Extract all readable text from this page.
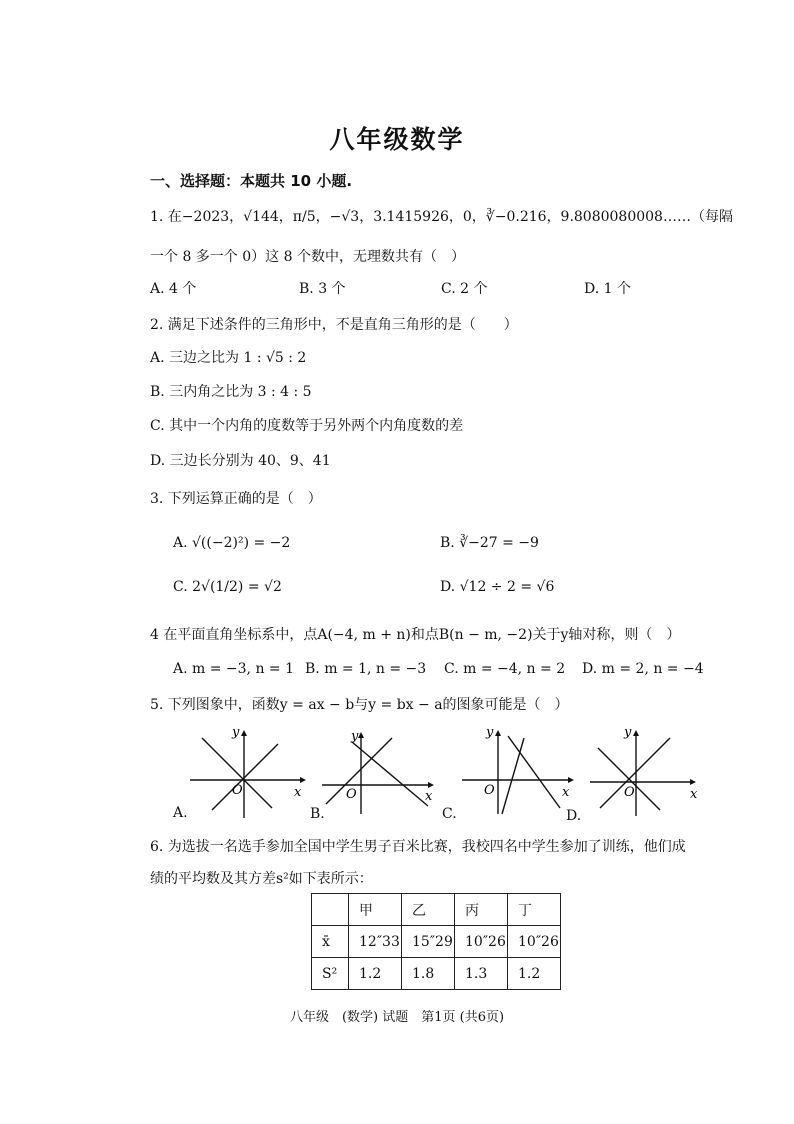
八年级数学
一、选择题：本题共 10 小题.
1. 在−2023，√144，π/5，−√3，3.1415926，0，∛−0.216，9.8080080008……（每隔
一个 8 多一个 0）这 8 个数中，无理数共有（　）
A. 4 个	B. 3 个	C. 2 个	D. 1 个
2. 满足下述条件的三角形中，不是直角三角形的是（　　）
A. 三边之比为 1 : √5 : 2
B. 三内角之比为 3 : 4 : 5
C. 其中一个内角的度数等于另外两个内角度数的差
D. 三边长分别为 40、9、41
3. 下列运算正确的是（　）
A. √((−2)²) = −2	B. ∛−27 = −9
C. 2√(1/2) = √2	D. √12 ÷ 2 = √6
4 在平面直角坐标系中，点A(−4, m + n)和点B(n − m, −2)关于y轴对称，则（　）
A. m = −3, n = 1 B. m = 1, n = −3 C. m = −4, n = 2 D. m = 2, n = −4
5. 下列图象中，函数y = ax − b与y = bx − a的图象可能是（　）
O	x
y
A.
O	x
y
B.
O	x
y
C.
O	x
y
D.
6. 为选拔一名选手参加全国中学生男子百米比赛，我校四名中学生参加了训练，他们成
绩的平均数及其方差s²如下表所示：
	甲	乙	丙	丁
x̄	12″33	15″29	10″26	10″26
S²	1.2	1.8	1.3	1.2
八年级　(数学) 试题　第1页 (共6页)
